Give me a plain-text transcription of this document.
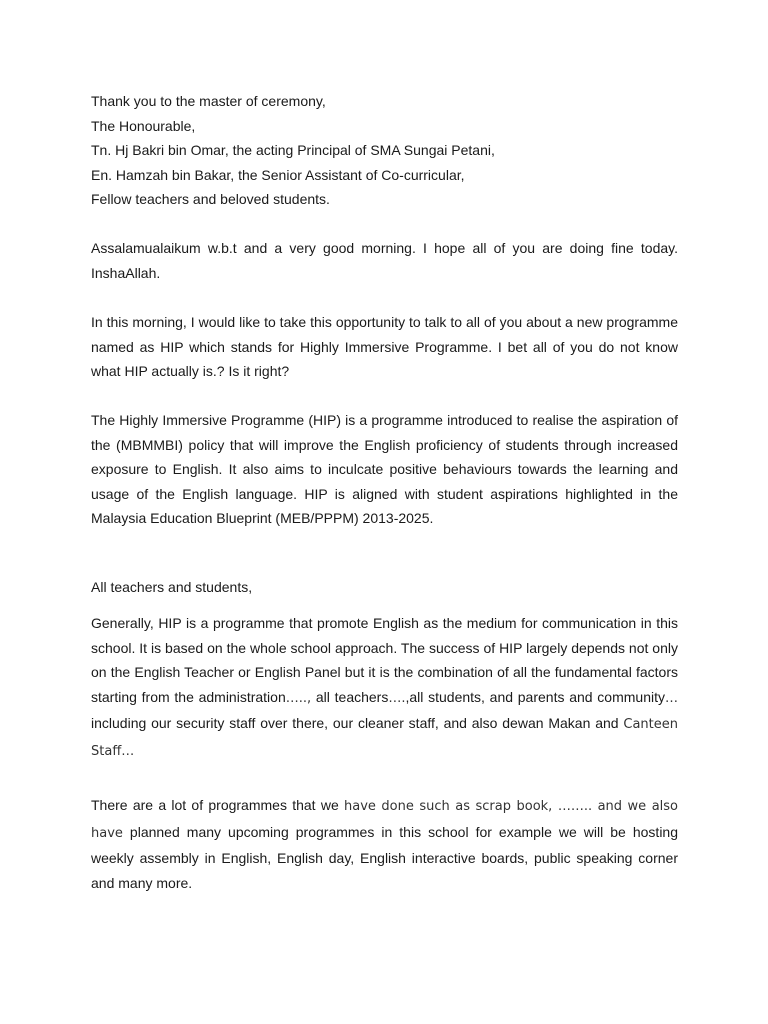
Thank you to the master of ceremony,
The Honourable,
Tn. Hj Bakri bin Omar, the acting Principal of SMA Sungai Petani,
En. Hamzah bin Bakar, the Senior Assistant of Co-curricular,
Fellow teachers and beloved students.

Assalamualaikum w.b.t and a very good morning. I hope all of you are doing fine today. InshaAllah.

In this morning, I would like to take this opportunity to talk to all of you about a new programme named as HIP which stands for Highly Immersive Programme. I bet all of you do not know what HIP actually is.? Is it right?

The Highly Immersive Programme (HIP) is a programme introduced to realise the aspiration of the (MBMMBI) policy that will improve the English proficiency of students through increased exposure to English. It also aims to inculcate positive behaviours towards the learning and usage of the English language. HIP is aligned with student aspirations highlighted in the Malaysia Education Blueprint (MEB/PPPM) 2013-2025.

All teachers and students,

Generally, HIP is a programme that promote English as the medium for communication in this school. It is based on the whole school approach. The success of HIP largely depends not only on the English Teacher or English Panel but it is the combination of all the fundamental factors starting from the administration….., all teachers….,all students, and parents and community…including our security staff over there, our cleaner staff, and also dewan Makan and Canteen Staff…

There are a lot of programmes that we have done such as scrap book, …….. and we also have planned many upcoming programmes in this school for example we will be hosting weekly assembly in English, English day, English interactive boards, public speaking corner and many more.
